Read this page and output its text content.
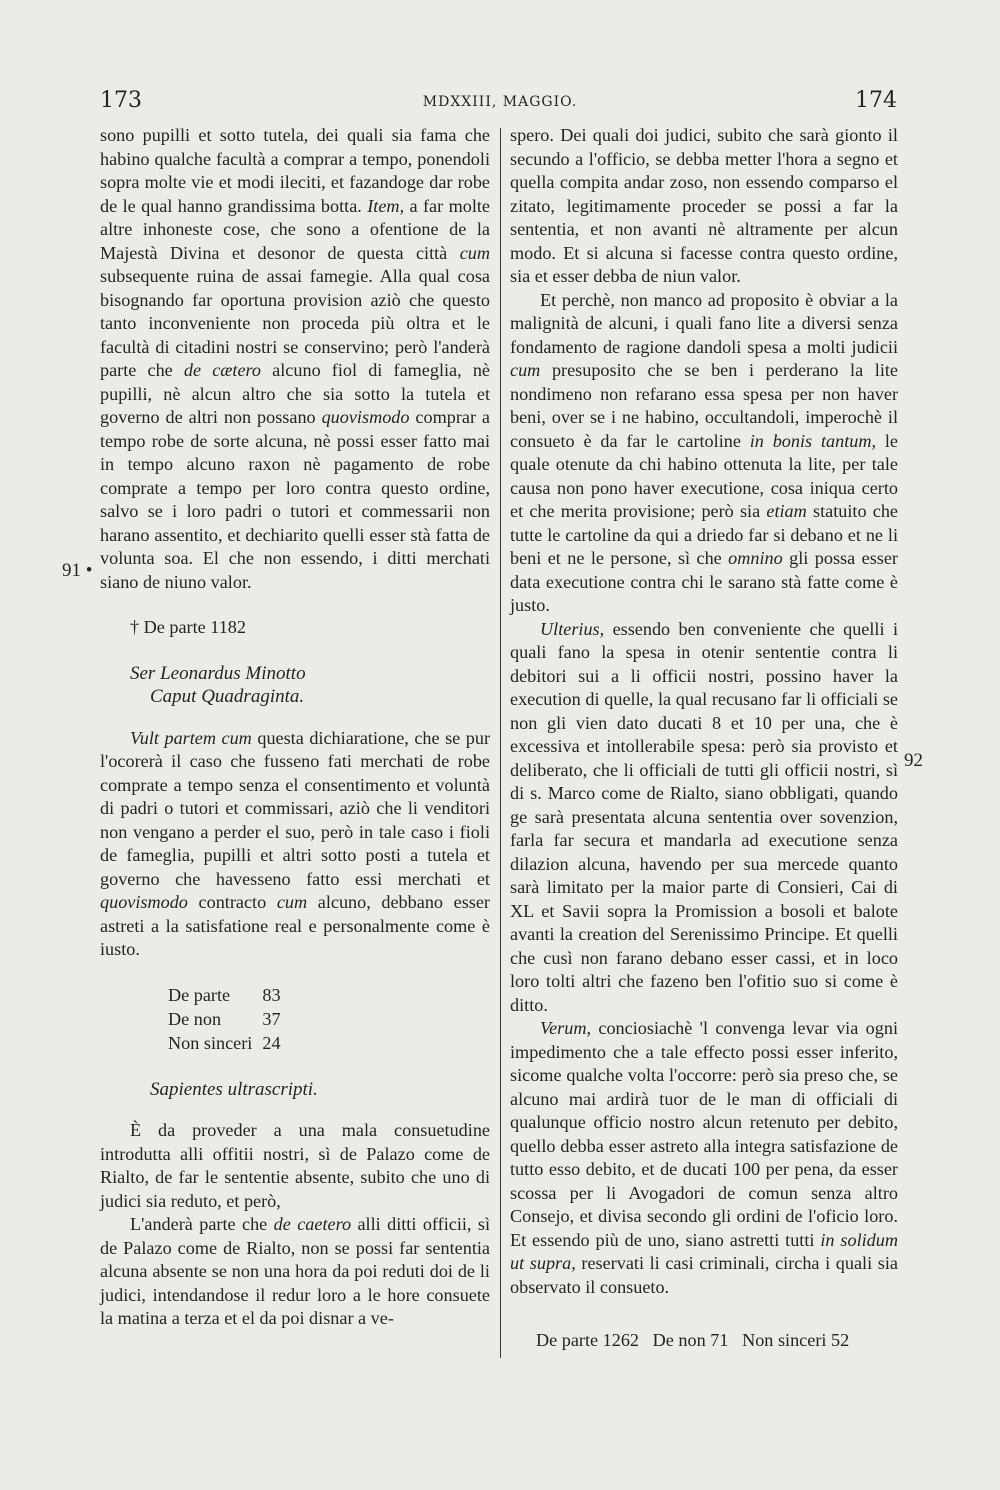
173	MDXXIII, MAGGIO.	174
91 •
92

sono pupilli et sotto tutela, dei quali sia fama che habino qualche facultà a comprar a tempo, ponendoli sopra molte vie et modi ileciti, et fazandoge dar robe de le qual hanno grandissima botta. Item, a far molte altre inhoneste cose, che sono a ofentione de la Majestà Divina et desonor de questa città cum subsequente ruina de assai famegie. Alla qual cosa bisognando far oportuna provision aziò che questo tanto inconveniente non proceda più oltra et le facultà di citadini nostri se conservino; però l'anderà parte che de cætero alcuno fiol di fameglia, nè pupilli, nè alcun altro che sia sotto la tutela et governo de altri non possano quovismodo comprar a tempo robe de sorte alcuna, nè possi esser fatto mai in tempo alcuno raxon nè pagamento de robe comprate a tempo per loro contra questo ordine, salvo se i loro padri o tutori et commessarii non harano assentito, et dechiarito quelli esser stà fatta de volunta soa. El che non essendo, i ditti merchati siano de niuno valor.

† De parte 1182

Ser Leonardus Minotto

Caput Quadraginta.

Vult partem cum questa dichiaratione, che se pur l'ocorerà il caso che fusseno fati merchati de robe comprate a tempo senza el consentimento et voluntà di padri o tutori et commissari, aziò che li venditori non vengano a perder el suo, però in tale caso i fioli de fameglia, pupilli et altri sotto posti a tutela et governo che havesseno fatto essi merchati et quovismodo contracto cum alcuno, debbano esser astreti a la satisfatione real e personalmente come è iusto.

De parte	83
De non	37
Non sinceri	24

Sapientes ultrascripti.

È da proveder a una mala consuetudine introdutta alli offitii nostri, sì de Palazo come de Rialto, de far le sententie absente, subito che uno di judici sia reduto, et però,

L'anderà parte che de caetero alli ditti officii, sì de Palazo come de Rialto, non se possi far sententia alcuna absente se non una hora da poi reduti doi de li judici, intendandose il redur loro a le hore consuete la matina a terza et el da poi disnar a ve-

spero. Dei quali doi judici, subito che sarà gionto il secundo a l'officio, se debba metter l'hora a segno et quella compita andar zoso, non essendo comparso el zitato, legitimamente proceder se possi a far la sententia, et non avanti nè altramente per alcun modo. Et si alcuna si facesse contra questo ordine, sia et esser debba de niun valor.

Et perchè, non manco ad proposito è obviar a la malignità de alcuni, i quali fano lite a diversi senza fondamento de ragione dandoli spesa a molti judicii cum presuposito che se ben i perderano la lite nondimeno non refarano essa spesa per non haver beni, over se i ne habino, occultandoli, imperochè il consueto è da far le cartoline in bonis tantum, le quale otenute da chi habino ottenuta la lite, per tale causa non pono haver executione, cosa iniqua certo et che merita provisione; però sia etiam statuito che tutte le cartoline da qui a driedo far si debano et ne li beni et ne le persone, sì che omnino gli possa esser data executione contra chi le sarano stà fatte come è justo.

Ulterius, essendo ben conveniente che quelli i quali fano la spesa in otenir sententie contra li debitori sui a li officii nostri, possino haver la execution di quelle, la qual recusano far li officiali se non gli vien dato ducati 8 et 10 per una, che è excessiva et intollerabile spesa: però sia provisto et deliberato, che li officiali de tutti gli officii nostri, sì di s. Marco come de Rialto, siano obbligati, quando ge sarà presentata alcuna sententia over sovenzion, farla far secura et mandarla ad executione senza dilazion alcuna, havendo per sua mercede quanto sarà limitato per la maior parte di Consieri, Cai di XL et Savii sopra la Promission a bosoli et balote avanti la creation del Serenissimo Principe. Et quelli che cusì non farano debano esser cassi, et in loco loro tolti altri che fazeno ben l'ofitio suo si come è ditto.

Verum, conciosiachè 'l convenga levar via ogni impedimento che a tale effecto possi esser inferito, sicome qualche volta l'occorre: però sia preso che, se alcuno mai ardirà tuor de le man di officiali di qualunque officio nostro alcun retenuto per debito, quello debba esser astreto alla integra satisfazione de tutto esso debito, et de ducati 100 per pena, da esser scossa per li Avogadori de comun senza altro Consejo, et divisa secondo gli ordini de l'oficio loro. Et essendo più de uno, siano astretti tutti in solidum ut supra, reservati li casi criminali, circha i quali sia observato il consueto.

De parte 1262   De non 71   Non sinceri 52
